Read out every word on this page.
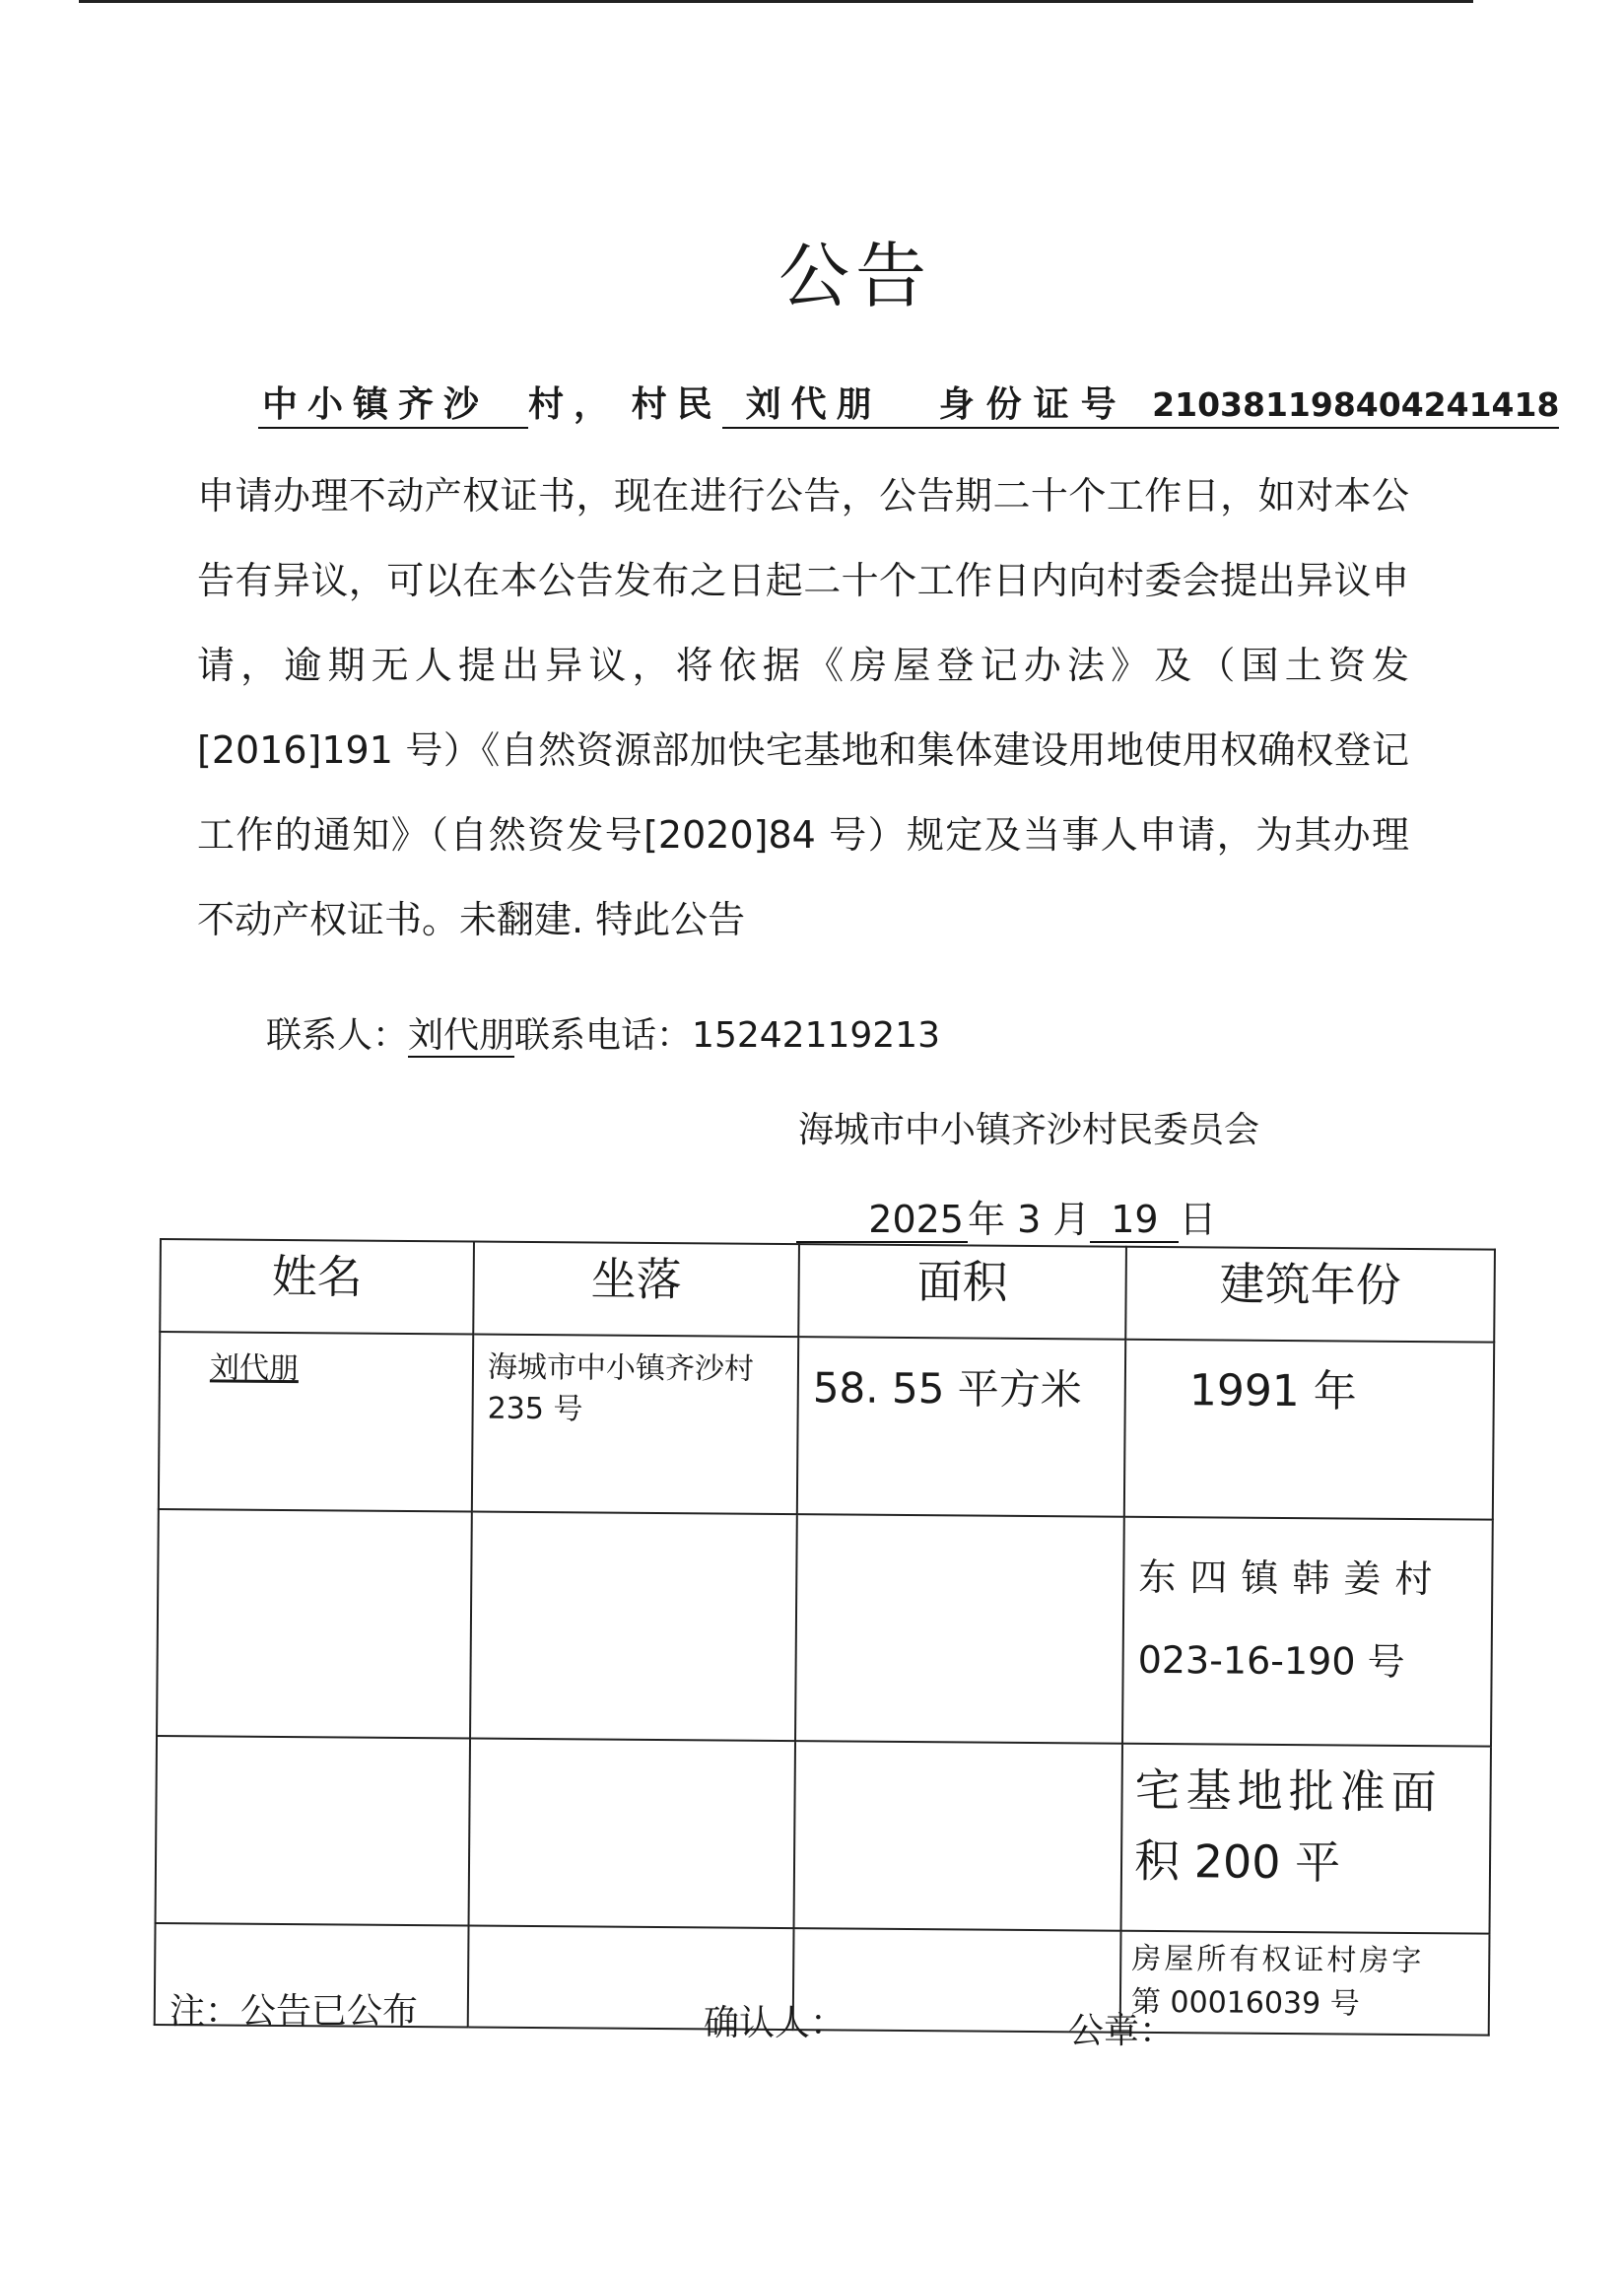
公告
中小镇齐沙 村， 村民 刘代朋 身份证号 210381198404241418
申请办理不动产权证书，现在进行公告，公告期二十个工作日，如对本公告有异议，可以在本公告发布之日起二十个工作日内向村委会提出异议申请，逾期无人提出异议，将依据《房屋登记办法》及（国土资发[2016]191 号）《自然资源部加快宅基地和集体建设用地使用权确权登记工作的通知》（自然资发号[2020]84 号）规定及当事人申请，为其办理不动产权证书。未翻建. 特此公告
联系人：刘代朋联系电话：15242119213
海城市中小镇齐沙村民委员会
2025 年 3 月 19 日
姓名	坐落	面积	建筑年份
刘代朋	海城市中小镇齐沙村 235 号	58. 55 平方米	1991 年

			东四镇韩姜村
023-16-190 号

			宅基地批准面
积 200 平

			房屋所有权证村房字
第 00016039 号
注：公告已公布	确认人：	公章：
